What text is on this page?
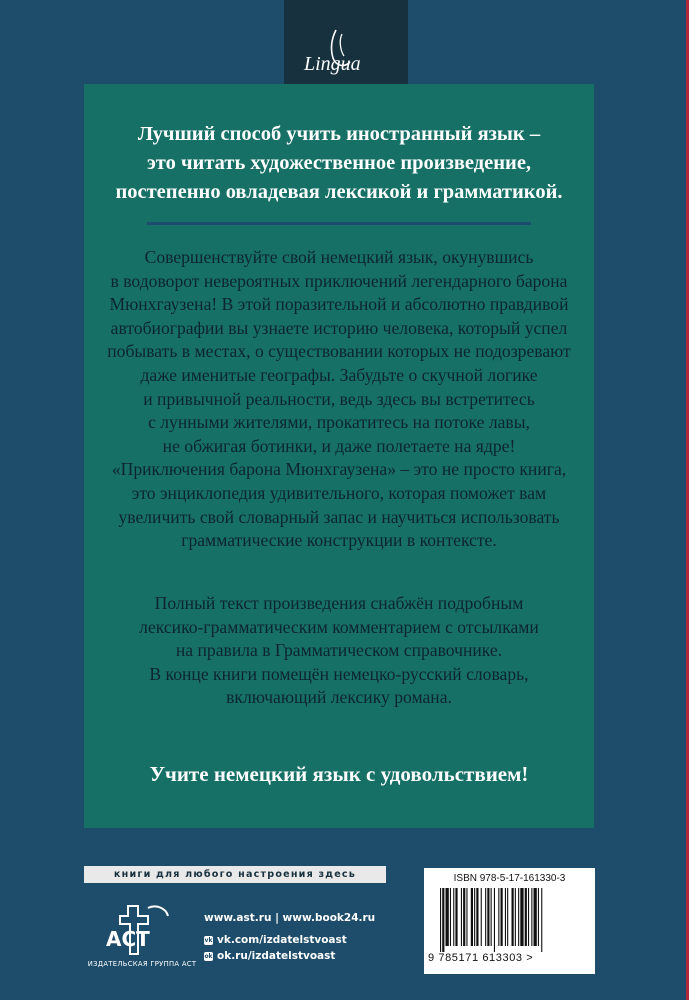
Lingua
Лучший способ учить иностранный язык –
это читать художественное произведение,
постепенно овладевая лексикой и грамматикой.
Совершенствуйте свой немецкий язык, окунувшись
в водоворот невероятных приключений легендарного барона
Мюнхгаузена! В этой поразительной и абсолютно правдивой
автобиографии вы узнаете историю человека, который успел
побывать в местах, о существовании которых не подозревают
даже именитые географы. Забудьте о скучной логике
и привычной реальности, ведь здесь вы встретитесь
с лунными жителями, прокатитесь на потоке лавы,
не обжигая ботинки, и даже полетаете на ядре!
«Приключения барона Мюнхгаузена» – это не просто книга,
это энциклопедия удивительного, которая поможет вам
увеличить свой словарный запас и научиться использовать
грамматические конструкции в контексте.
Полный текст произведения снабжён подробным
лексико-грамматическим комментарием с отсылками
на правила в Грамматическом справочнике.
В конце книги помещён немецко-русский словарь,
включающий лексику романа.
Учите немецкий язык с удовольствием!
книги для любого настроения здесь
ACT
ИЗДАТЕЛЬСКАЯ ГРУППА АСТ
www.ast.ru | www.book24.ru
vk vk.com/izdatelstvoast
ok ok.ru/izdatelstvoast
ISBN 978-5-17-161330-3
9 785171 613303 >
